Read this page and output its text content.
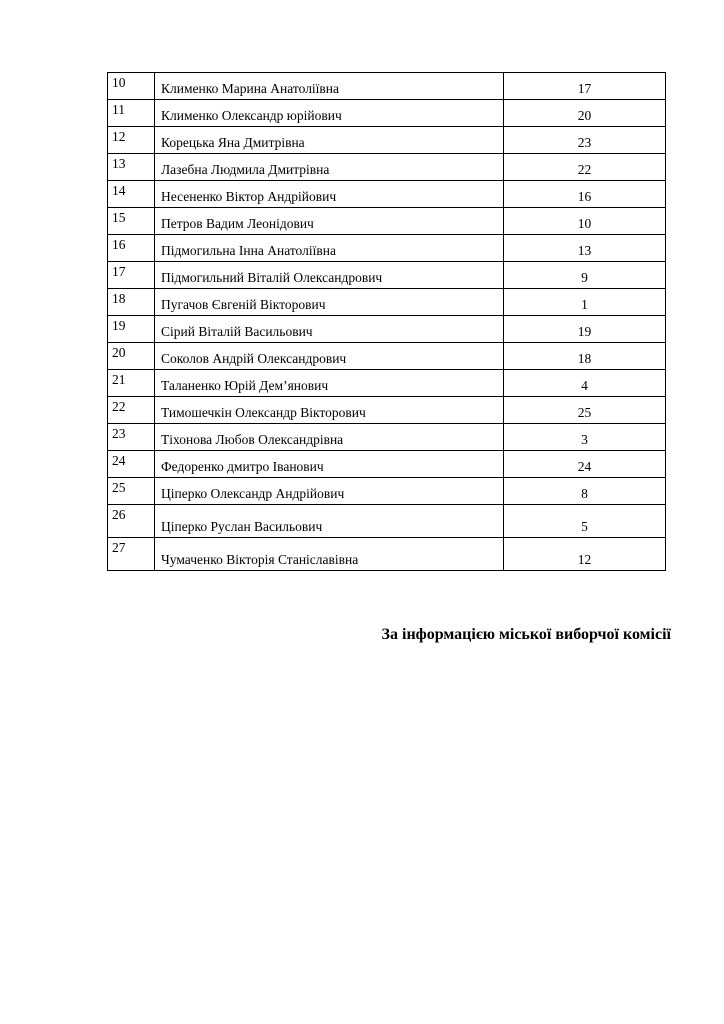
10	Клименко Марина Анатоліївна	17
11	Клименко Олександр юрійович	20
12	Корецька Яна Дмитрівна	23
13	Лазебна Людмила Дмитрівна	22
14	Несененко Віктор Андрійович	16
15	Петров Вадим Леонідович	10
16	Підмогильна Інна Анатоліївна	13
17	Підмогильний Віталій Олександрович	9
18	Пугачов Євгеній Вікторович	1
19	Сірий Віталій Васильович	19
20	Соколов Андрій Олександрович	18
21	Таланенко Юрій Дем’янович	4
22	Тимошечкін Олександр Вікторович	25
23	Тіхонова Любов Олександрівна	3
24	Федоренко дмитро Іванович	24
25	Ціперко Олександр Андрійович	8
26	Ціперко Руслан Васильович	5
27	Чумаченко Вікторія Станіславівна	12
За інформацією міської виборчої комісії
